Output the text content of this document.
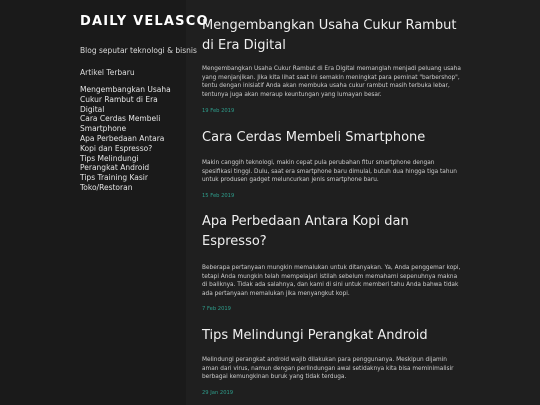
DAILY VELASCO
Blog seputar teknologi & bisnis
Artikel Terbaru
Mengembangkan Usaha Cukur Rambut di Era Digital
Cara Cerdas Membeli Smartphone
Apa Perbedaan Antara Kopi dan Espresso?
Tips Melindungi Perangkat Android
Tips Training Kasir Toko/Restoran
Mengembangkan Usaha Cukur Rambut di Era Digital

Mengembangkan Usaha Cukur Rambut di Era Digital memanglah menjadi peluang usaha yang menjanjikan. Jika kita lihat saat ini semakin meningkat para peminat "barbershop", tentu dengan inisiatif Anda akan membuka usaha cukur rambut masih terbuka lebar, tentunya juga akan meraup keuntungan yang lumayan besar.

19 Feb 2019

Cara Cerdas Membeli Smartphone

Makin canggih teknologi, makin cepat pula perubahan fitur smartphone dengan spesifikasi tinggi. Dulu, saat era smartphone baru dimulai, butuh dua hingga tiga tahun untuk produsen gadget meluncurkan jenis smartphone baru.

15 Feb 2019

Apa Perbedaan Antara Kopi dan Espresso?

Beberapa pertanyaan mungkin memalukan untuk ditanyakan. Ya, Anda penggemar kopi, tetapi Anda mungkin telah mempelajari istilah sebelum memahami sepenuhnya makna di baliknya. Tidak ada salahnya, dan kami di sini untuk memberi tahu Anda bahwa tidak ada pertanyaan memalukan jika menyangkut kopi.

7 Feb 2019

Tips Melindungi Perangkat Android

Melindungi perangkat android wajib dilakukan para penggunanya. Meskipun dijamin aman dari virus, namun dengan perlindungan awal setidaknya kita bisa meminimalisir berbagai kemungkinan buruk yang tidak terduga.

29 Jan 2019
